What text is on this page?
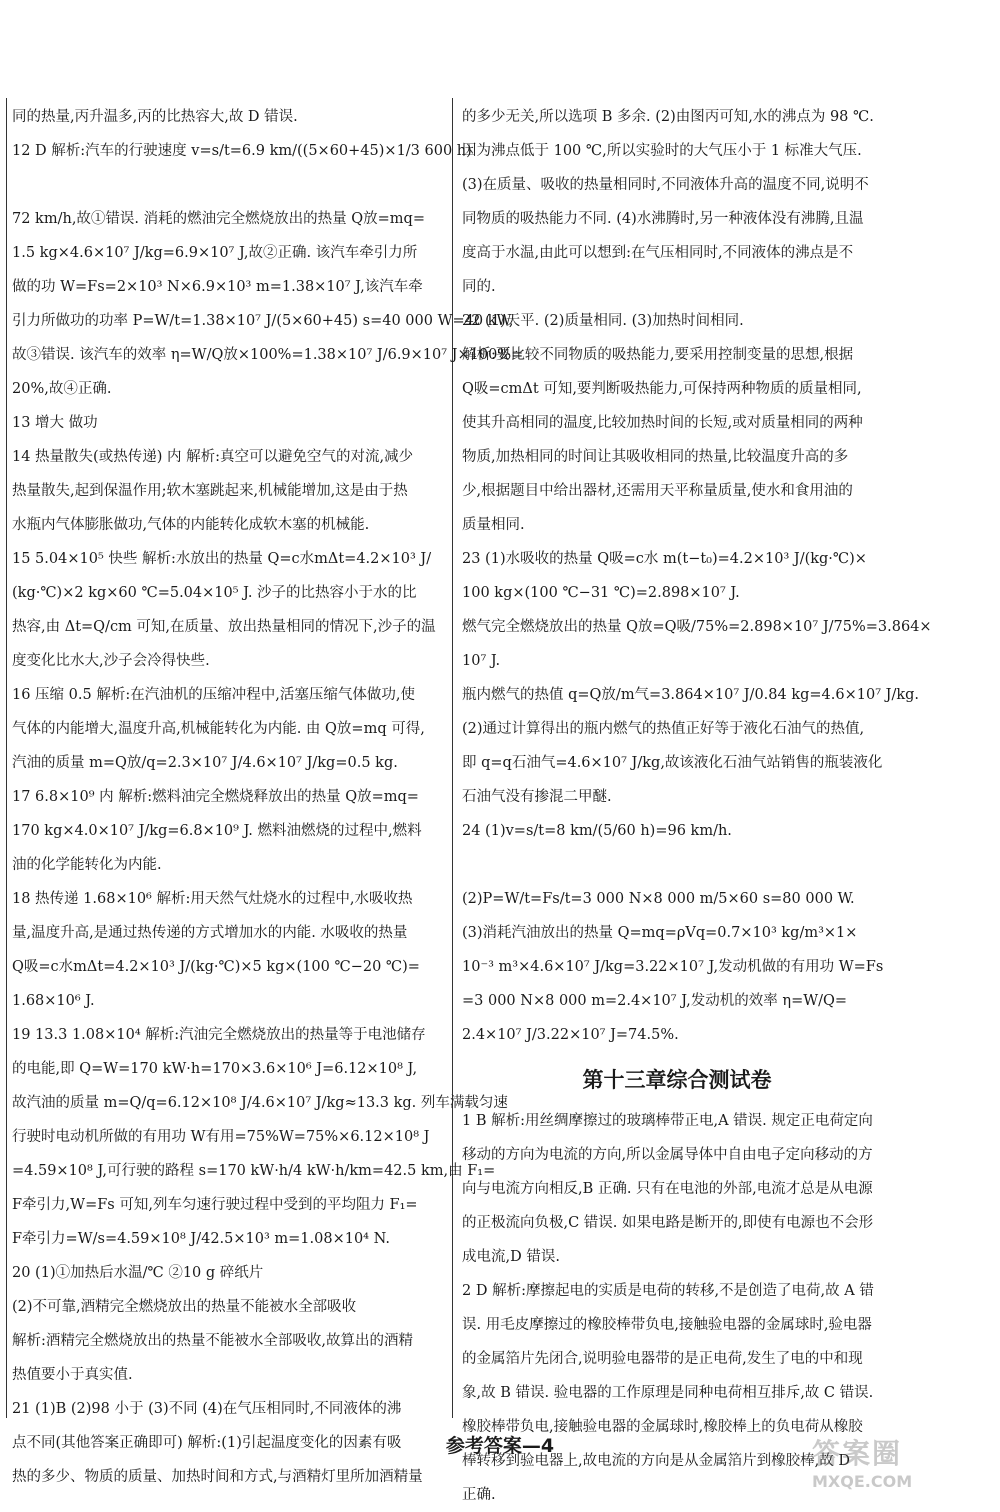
同的热量,丙升温多,丙的比热容大,故 D 错误.
12 D 解析:汽车的行驶速度 v=s/t=6.9 km/((5×60+45)×1/3 600 h)

72 km/h,故①错误. 消耗的燃油完全燃烧放出的热量 Q放=mq=
1.5 kg×4.6×10⁷ J/kg=6.9×10⁷ J,故②正确. 该汽车牵引力所
做的功 W=Fs=2×10³ N×6.9×10³ m=1.38×10⁷ J,该汽车牵
引力所做功的功率 P=W/t=1.38×10⁷ J/(5×60+45) s=40 000 W=40 kW,
故③错误. 该汽车的效率 η=W/Q放×100%=1.38×10⁷ J/6.9×10⁷ J×100%=
20%,故④正确.
13 增大 做功
14 热量散失(或热传递) 内 解析:真空可以避免空气的对流,减少
热量散失,起到保温作用;软木塞跳起来,机械能增加,这是由于热
水瓶内气体膨胀做功,气体的内能转化成软木塞的机械能.
15 5.04×10⁵ 快些 解析:水放出的热量 Q=c水mΔt=4.2×10³ J/
(kg·℃)×2 kg×60 ℃=5.04×10⁵ J. 沙子的比热容小于水的比
热容,由 Δt=Q/cm 可知,在质量、放出热量相同的情况下,沙子的温
度变化比水大,沙子会冷得快些.
16 压缩 0.5 解析:在汽油机的压缩冲程中,活塞压缩气体做功,使
气体的内能增大,温度升高,机械能转化为内能. 由 Q放=mq 可得,
汽油的质量 m=Q放/q=2.3×10⁷ J/4.6×10⁷ J/kg=0.5 kg.
17 6.8×10⁹ 内 解析:燃料油完全燃烧释放出的热量 Q放=mq=
170 kg×4.0×10⁷ J/kg=6.8×10⁹ J. 燃料油燃烧的过程中,燃料
油的化学能转化为内能.
18 热传递 1.68×10⁶ 解析:用天然气灶烧水的过程中,水吸收热
量,温度升高,是通过热传递的方式增加水的内能. 水吸收的热量
Q吸=c水mΔt=4.2×10³ J/(kg·℃)×5 kg×(100 ℃−20 ℃)=
1.68×10⁶ J.
19 13.3 1.08×10⁴ 解析:汽油完全燃烧放出的热量等于电池储存
的电能,即 Q=W=170 kW·h=170×3.6×10⁶ J=6.12×10⁸ J,
故汽油的质量 m=Q/q=6.12×10⁸ J/4.6×10⁷ J/kg≈13.3 kg. 列车满载匀速
行驶时电动机所做的有用功 W有用=75%W=75%×6.12×10⁸ J
=4.59×10⁸ J,可行驶的路程 s=170 kW·h/4 kW·h/km=42.5 km,由 F₁=
F牵引力,W=Fs 可知,列车匀速行驶过程中受到的平均阻力 F₁=
F牵引力=W/s=4.59×10⁸ J/42.5×10³ m=1.08×10⁴ N.
20 (1)①加热后水温/℃ ②10 g 碎纸片
(2)不可靠,酒精完全燃烧放出的热量不能被水全部吸收
解析:酒精完全燃烧放出的热量不能被水全部吸收,故算出的酒精
热值要小于真实值.
21 (1)B (2)98 小于 (3)不同 (4)在气压相同时,不同液体的沸
点不同(其他答案正确即可) 解析:(1)引起温度变化的因素有吸
热的多少、物质的质量、加热时间和方式,与酒精灯里所加酒精量
的多少无关,所以选项 B 多余. (2)由图丙可知,水的沸点为 98 ℃.
因为沸点低于 100 ℃,所以实验时的大气压小于 1 标准大气压.
(3)在质量、吸收的热量相同时,不同液体升高的温度不同,说明不
同物质的吸热能力不同. (4)水沸腾时,另一种液体没有沸腾,且温
度高于水温,由此可以想到:在气压相同时,不同液体的沸点是不
同的.
22 (1)天平. (2)质量相同. (3)加热时间相同.
解析:要比较不同物质的吸热能力,要采用控制变量的思想,根据
Q吸=cmΔt 可知,要判断吸热能力,可保持两种物质的质量相同,
使其升高相同的温度,比较加热时间的长短,或对质量相同的两种
物质,加热相同的时间让其吸收相同的热量,比较温度升高的多
少,根据题目中给出器材,还需用天平称量质量,使水和食用油的
质量相同.
23 (1)水吸收的热量 Q吸=c水 m(t−t₀)=4.2×10³ J/(kg·℃)×
100 kg×(100 ℃−31 ℃)=2.898×10⁷ J.
燃气完全燃烧放出的热量 Q放=Q吸/75%=2.898×10⁷ J/75%=3.864×
10⁷ J.
瓶内燃气的热值 q=Q放/m气=3.864×10⁷ J/0.84 kg=4.6×10⁷ J/kg.
(2)通过计算得出的瓶内燃气的热值正好等于液化石油气的热值,
即 q=q石油气=4.6×10⁷ J/kg,故该液化石油气站销售的瓶装液化
石油气没有掺混二甲醚.
24 (1)v=s/t=8 km/(5/60 h)=96 km/h.

(2)P=W/t=Fs/t=3 000 N×8 000 m/5×60 s=80 000 W.
(3)消耗汽油放出的热量 Q=mq=ρVq=0.7×10³ kg/m³×1×
10⁻³ m³×4.6×10⁷ J/kg=3.22×10⁷ J,发动机做的有用功 W=Fs
=3 000 N×8 000 m=2.4×10⁷ J,发动机的效率 η=W/Q=
2.4×10⁷ J/3.22×10⁷ J=74.5%.
第十三章综合测试卷
1 B 解析:用丝绸摩擦过的玻璃棒带正电,A 错误. 规定正电荷定向
移动的方向为电流的方向,所以金属导体中自由电子定向移动的方
向与电流方向相反,B 正确. 只有在电池的外部,电流才总是从电源
的正极流向负极,C 错误. 如果电路是断开的,即使有电源也不会形
成电流,D 错误.
2 D 解析:摩擦起电的实质是电荷的转移,不是创造了电荷,故 A 错
误. 用毛皮摩擦过的橡胶棒带负电,接触验电器的金属球时,验电器
的金属箔片先闭合,说明验电器带的是正电荷,发生了电的中和现
象,故 B 错误. 验电器的工作原理是同种电荷相互排斥,故 C 错误.
橡胶棒带负电,接触验电器的金属球时,橡胶棒上的负电荷从橡胶
棒转移到验电器上,故电流的方向是从金属箔片到橡胶棒,故 D
正确.
参考答案—4	答案圈
MXQE.COM
